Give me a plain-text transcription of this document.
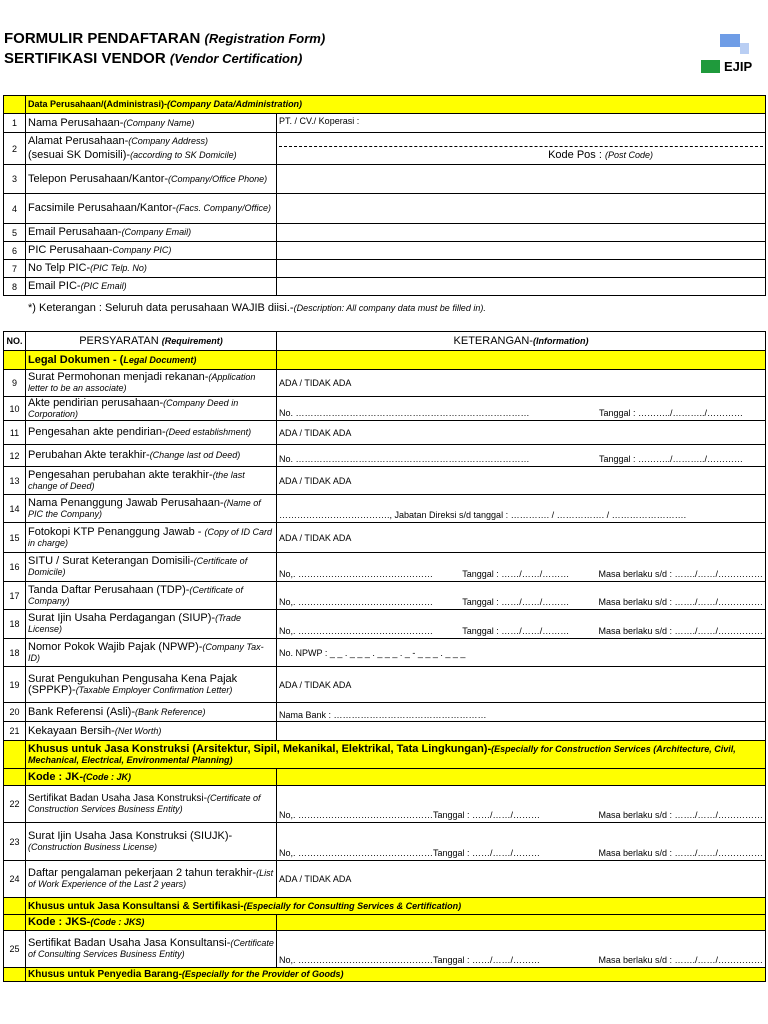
FORMULIR PENDAFTARAN (Registration Form)
SERTIFIKASI VENDOR (Vendor Certification)
EJIP
	Data Perusahaan/(Administrasi)-(Company Data/Administration)	
1	Nama Perusahaan-(Company Name)	PT. / CV./ Koperasi :
2	Alamat Perusahaan-(Company Address)
(sesuai SK Domisili)-(according to SK Domicile)	Kode Pos : (Post Code)

3	Telepon Perusahaan/Kantor-(Company/Office Phone)	
4	Facsimile Perusahaan/Kantor-(Facs. Company/Office)	
5	Email Perusahaan-(Company Email)	
6	PIC Perusahaan-Company PIC)	
7	No Telp PIC-(PIC Telp. No)	
8	Email PIC-(PIC Email)	
*) Keterangan : Seluruh data perusahaan WAJIB diisi.-(Description: All company data must be filled in).
NO.	PERSYARATAN (Requirement)	KETERANGAN-(Information)
	Legal Dokumen - (Legal Document)	
9	Surat Permohonan menjadi rekanan-(Application letter to be an associate)	ADA / TIDAK ADA
10	Akte pendirian perusahaan-(Company Deed in Corporation)	No. …………………………………………………………………… Tanggal : ………../………../…………

11	Pengesahan akte pendirian-(Deed establishment)	ADA / TIDAK ADA
12	Perubahan Akte terakhir-(Change last od Deed)	No. …………………………………………………………………… Tanggal : ………../………../…………

13	Pengesahan perubahan akte terakhir-(the last change of Deed)	ADA / TIDAK ADA
14	Nama Penanggung Jawab Perusahaan-(Name of PIC the Company)	………………………………., Jabatan Direksi s/d tanggal : …………. / ……………. / …………………….
15	Fotokopi KTP Penanggung Jawab - (Copy of ID Card in charge)	ADA / TIDAK ADA
16	SITU / Surat Keterangan Domisili-(Certificate of Domicile)	No,. ……………………………………… Tanggal : ……/……/……… Masa berlaku s/d : ……./……/……………

17	Tanda Daftar Perusahaan (TDP)-(Certificate of Company)	No,. ……………………………………… Tanggal : ……/……/……… Masa berlaku s/d : ……./……/……………

18	Surat Ijin Usaha Perdagangan (SIUP)-(Trade License)	No,. ……………………………………… Tanggal : ……/……/……… Masa berlaku s/d : ……./……/……………

18	Nomor Pokok Wajib Pajak (NPWP)-(Company Tax-ID)	No. NPWP : _ _ . _ _ _ . _ _ _ . _ - _ _ _ . _ _ _
19	Surat Pengukuhan Pengusaha Kena Pajak (SPPKP)-(Taxable Employer Confirmation Letter)	ADA / TIDAK ADA
20	Bank Referensi (Asli)-(Bank Reference)	Nama Bank : ……………………………………………
21	Kekayaan Bersih-(Net Worth)	
	Khusus untuk Jasa Konstruksi (Arsitektur, Sipil, Mekanikal, Elektrikal, Tata Lingkungan)-(Especially for Construction Services (Architecture, Civil, Mechanical, Electrical, Environmental Planning)	
	Kode : JK-(Code : JK)	
22	Sertifikat Badan Usaha Jasa Konstruksi-(Certificate of Construction Services Business Entity)	No,. ………………………………………Tanggal : ……/……/……… Masa berlaku s/d : ……./……/……………

23	Surat Ijin Usaha Jasa Konstruksi (SIUJK)-(Construction Business License)	No,. ………………………………………Tanggal : ……/……/……… Masa berlaku s/d : ……./……/……………

24	Daftar pengalaman pekerjaan 2 tahun terakhir-(List of Work Experience of the Last 2 years)	ADA / TIDAK ADA
	Khusus untuk Jasa Konsultansi & Sertifikasi-(Especially for Consulting Services & Certification)	
	Kode : JKS-(Code : JKS)	
25	Sertifikat Badan Usaha Jasa Konsultansi-(Certificate of Consulting Services Business Entity)	No,. ………………………………………Tanggal : ……/……/……… Masa berlaku s/d : ……./……/……………

	Khusus untuk Penyedia Barang-(Especially for the Provider of Goods)	
